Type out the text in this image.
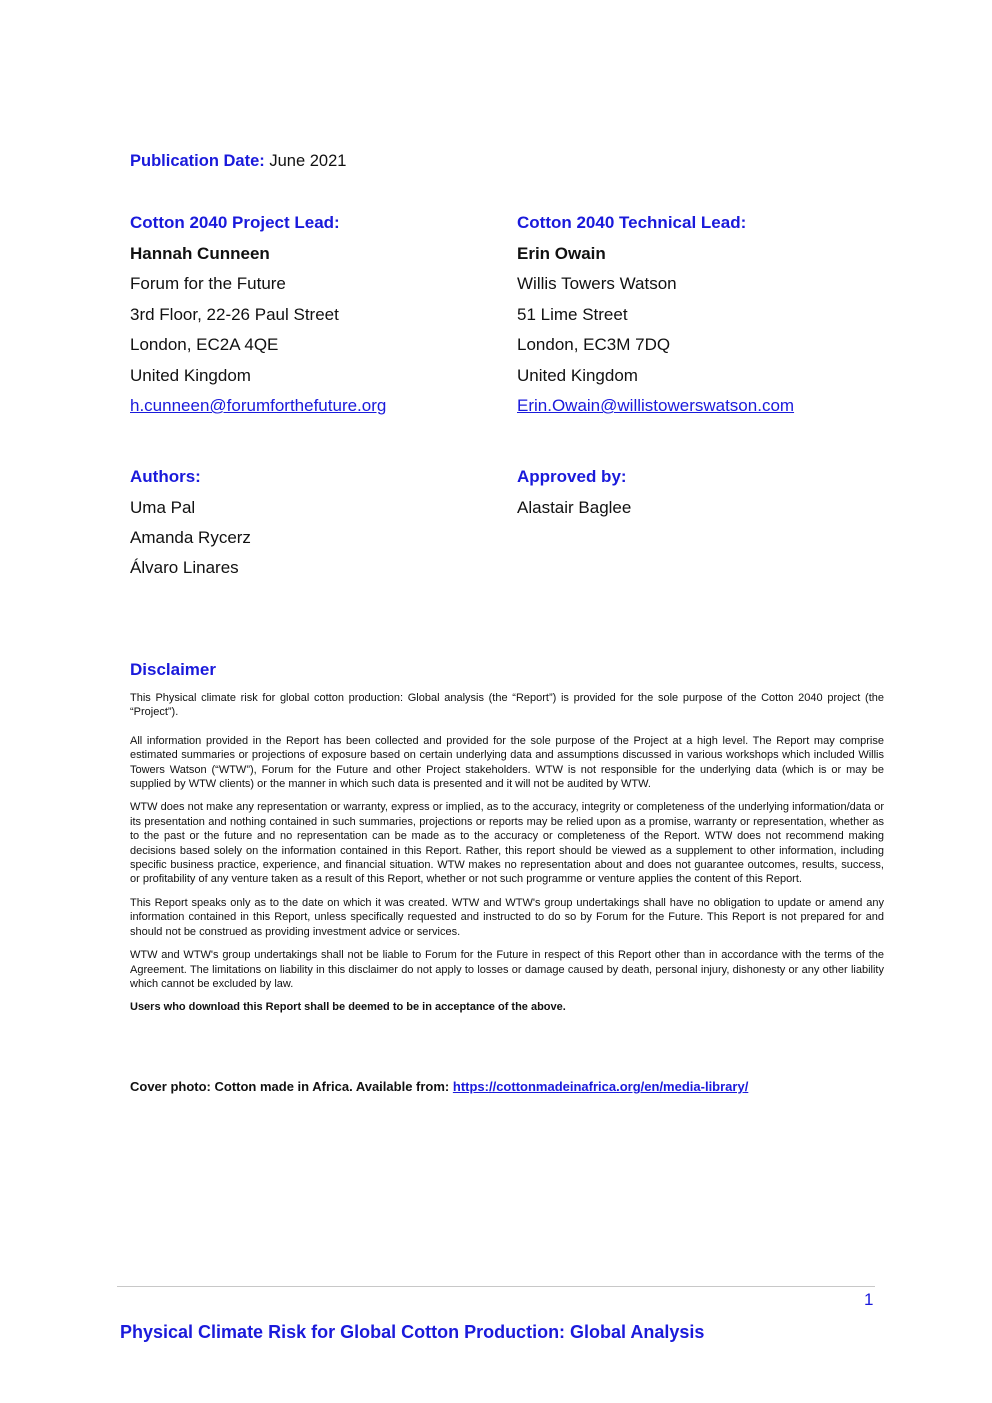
Publication Date: June 2021
Cotton 2040 Project Lead:
Hannah Cunneen
Forum for the Future
3rd Floor, 22-26 Paul Street
London, EC2A 4QE
United Kingdom
h.cunneen@forumforthefuture.org
Cotton 2040 Technical Lead:
Erin Owain
Willis Towers Watson
51 Lime Street
London, EC3M 7DQ
United Kingdom
Erin.Owain@willistowerswatson.com
Authors:
Uma Pal
Amanda Rycerz
Álvaro Linares
Approved by:
Alastair Baglee
Disclaimer

This Physical climate risk for global cotton production: Global analysis (the “Report”) is provided for the sole purpose of the Cotton 2040 project (the “Project”).

All information provided in the Report has been collected and provided for the sole purpose of the Project at a high level. The Report may comprise estimated summaries or projections of exposure based on certain underlying data and assumptions discussed in various workshops which included Willis Towers Watson (“WTW”), Forum for the Future and other Project stakeholders. WTW is not responsible for the underlying data (which is or may be supplied by WTW clients) or the manner in which such data is presented and it will not be audited by WTW.

WTW does not make any representation or warranty, express or implied, as to the accuracy, integrity or completeness of the underlying information/data or its presentation and nothing contained in such summaries, projections or reports may be relied upon as a promise, warranty or representation, whether as to the past or the future and no representation can be made as to the accuracy or completeness of the Report. WTW does not recommend making decisions based solely on the information contained in this Report. Rather, this report should be viewed as a supplement to other information, including specific business practice, experience, and financial situation. WTW makes no representation about and does not guarantee outcomes, results, success, or profitability of any venture taken as a result of this Report, whether or not such programme or venture applies the content of this Report.

This Report speaks only as to the date on which it was created. WTW and WTW's group undertakings shall have no obligation to update or amend any information contained in this Report, unless specifically requested and instructed to do so by Forum for the Future. This Report is not prepared for and should not be construed as providing investment advice or services.

WTW and WTW's group undertakings shall not be liable to Forum for the Future in respect of this Report other than in accordance with the terms of the Agreement. The limitations on liability in this disclaimer do not apply to losses or damage caused by death, personal injury, dishonesty or any other liability which cannot be excluded by law.

Users who download this Report shall be deemed to be in acceptance of the above.

Cover photo: Cotton made in Africa. Available from: https://cottonmadeinafrica.org/en/media-library/
1
Physical Climate Risk for Global Cotton Production: Global Analysis
